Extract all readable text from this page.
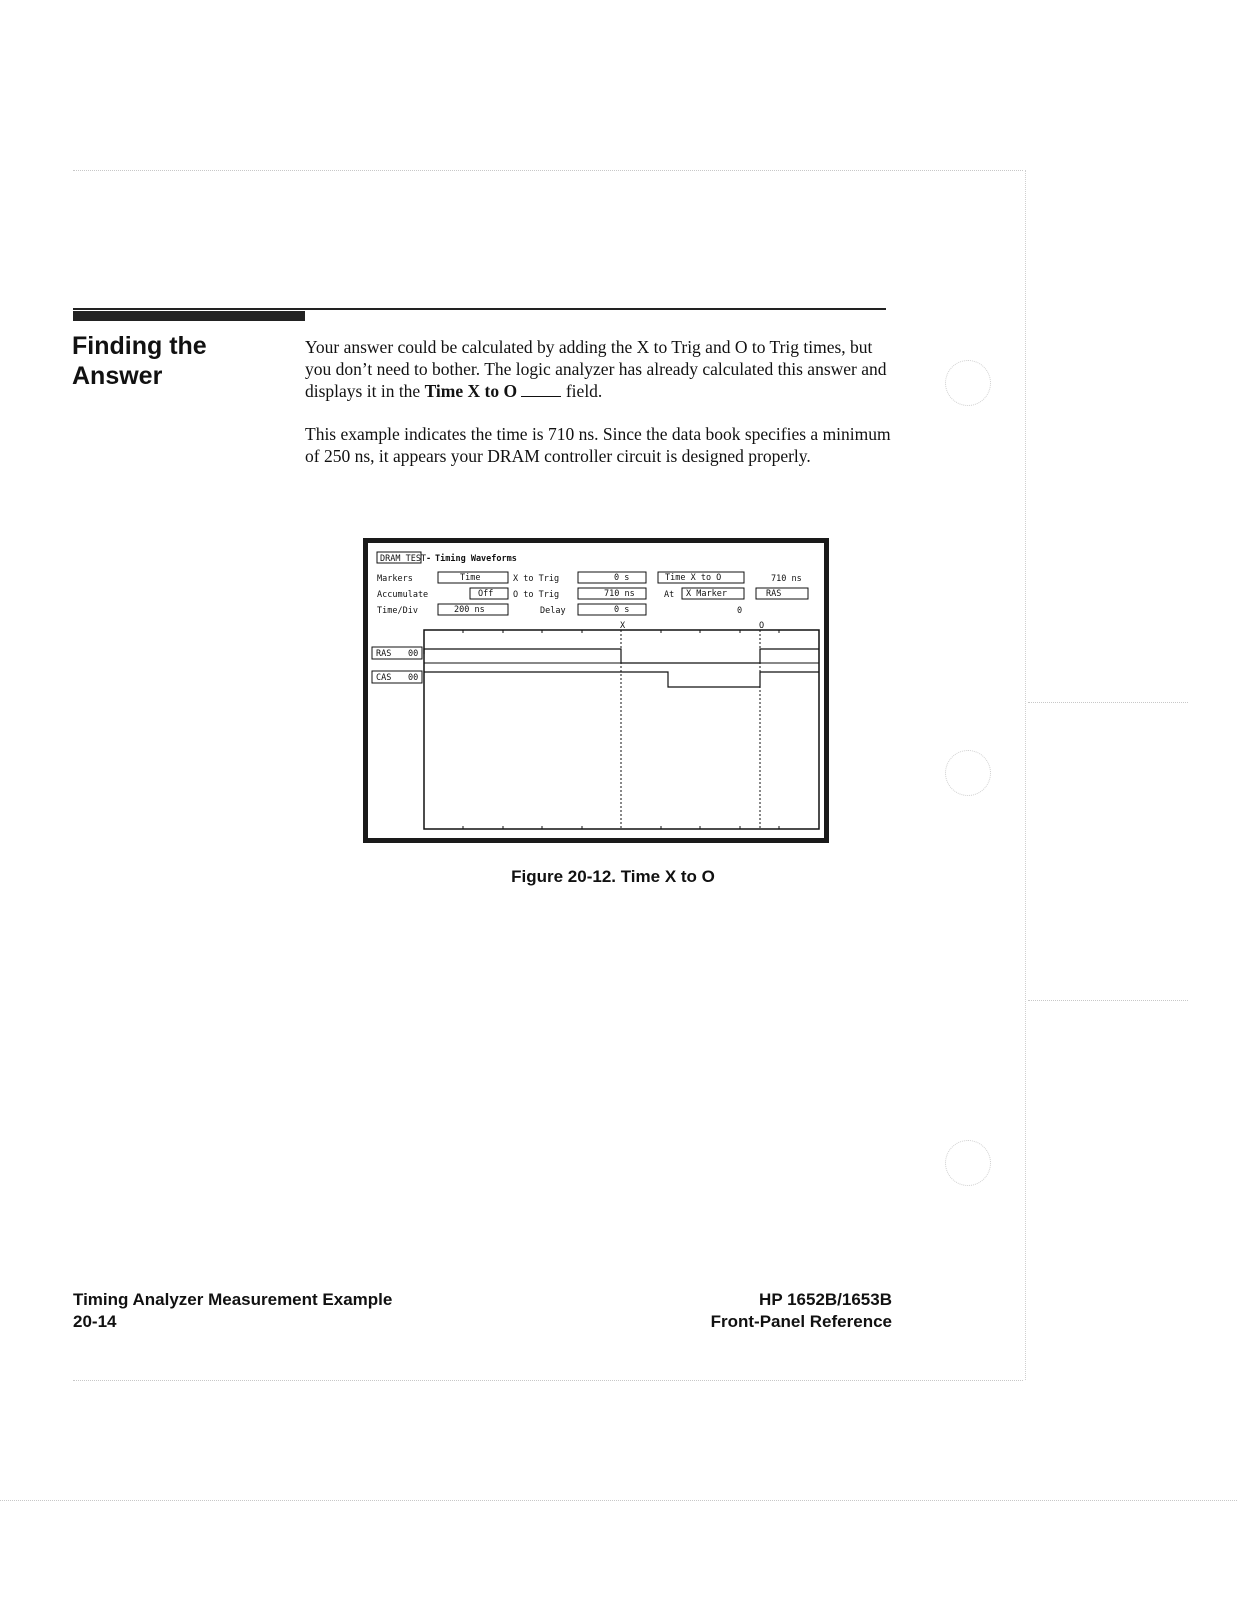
Finding the Answer

Your answer could be calculated by adding the X to Trig and O to Trig times, but you don’t need to bother. The logic analyzer has already calculated this answer and displays it in the Time X to O	field.

This example indicates the time is 710 ns. Since the data book specifies a minimum of 250 ns, it appears your DRAM controller circuit is designed properly.

DRAM TEST - Timing Waveforms
Markers	Time	X to Trig	0 s	Time X to O	710 ns
Accumulate	Off O to Trig	710 ns	At X Marker	RAS
Time/Div	200 ns	Delay	0 s	0
X	O
RAS 00
CAS 00
Figure 20-12. Time X to O
Timing Analyzer Measurement Example
20-14
HP 1652B/1653B
Front-Panel Reference
